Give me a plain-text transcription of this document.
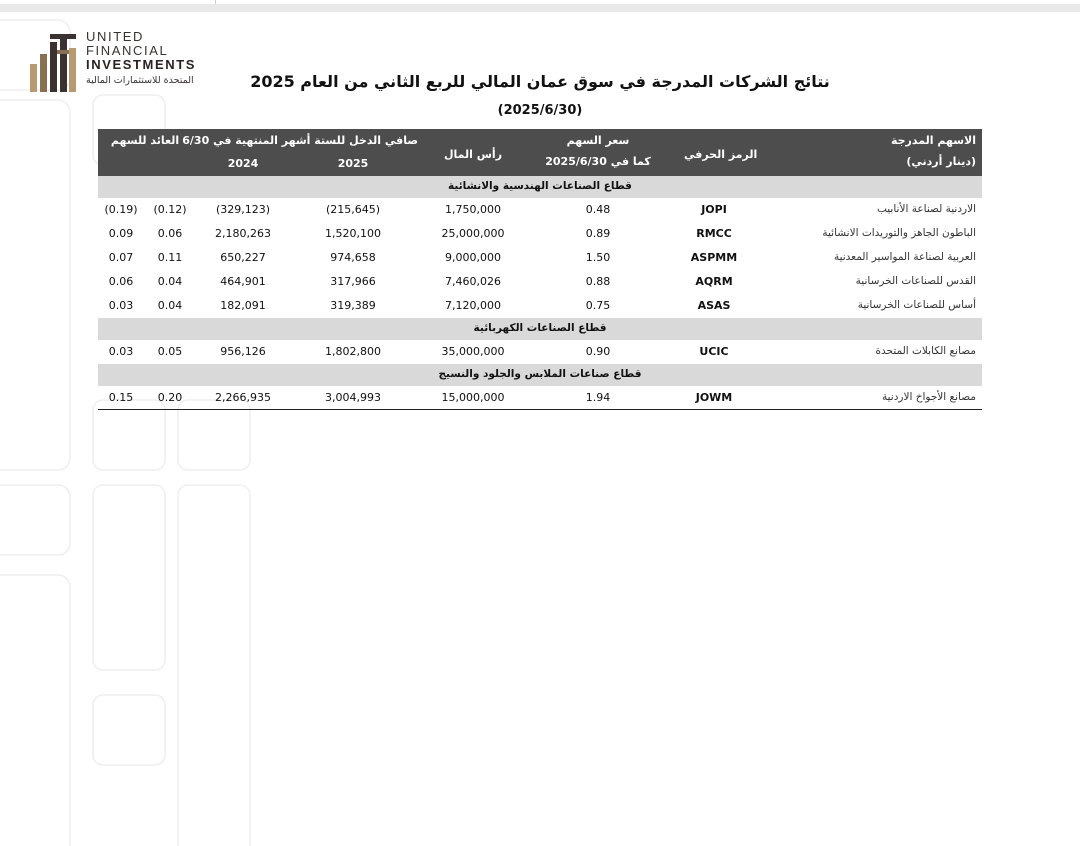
UNITED
FINANCIAL
INVESTMENTS
المتحدة للاستثمارات المالية	نتائج الشركات المدرجة في سوق عمان المالي للربع الثاني من العام 2025
(2025/6/30)
الاسهم المدرجة
(دينار أردني)
الرمز الحرفي
سعر السهم
كما في 2025/6/30
رأس المال
صافي الدخل للستة أشهر المنتهية في 6/30
2025
2024
العائد للسهم
قطاع الصناعات الهندسية والانشائية
الاردنية لصناعة الأنابيب
JOPI
0.48
1,750,000
(215,645)
(329,123)
(0.12)
(0.19)
الباطون الجاهز والتوريدات الانشائية
RMCC
0.89
25,000,000
1,520,100
2,180,263
0.06
0.09
العربية لصناعة المواسير المعدنية
ASPMM
1.50
9,000,000
974,658
650,227
0.11
0.07
القدس للصناعات الخرسانية
AQRM
0.88
7,460,026
317,966
464,901
0.04
0.06
أساس للصناعات الخرسانية
ASAS
0.75
7,120,000
319,389
182,091
0.04
0.03
قطاع الصناعات الكهربائية
مصانع الكابلات المتحدة
UCIC
0.90
35,000,000
1,802,800
956,126
0.05
0.03
قطاع صناعات الملابس والجلود والنسيج
مصانع الأجواخ الاردنية
JOWM
1.94
15,000,000
3,004,993
2,266,935
0.20
0.15
